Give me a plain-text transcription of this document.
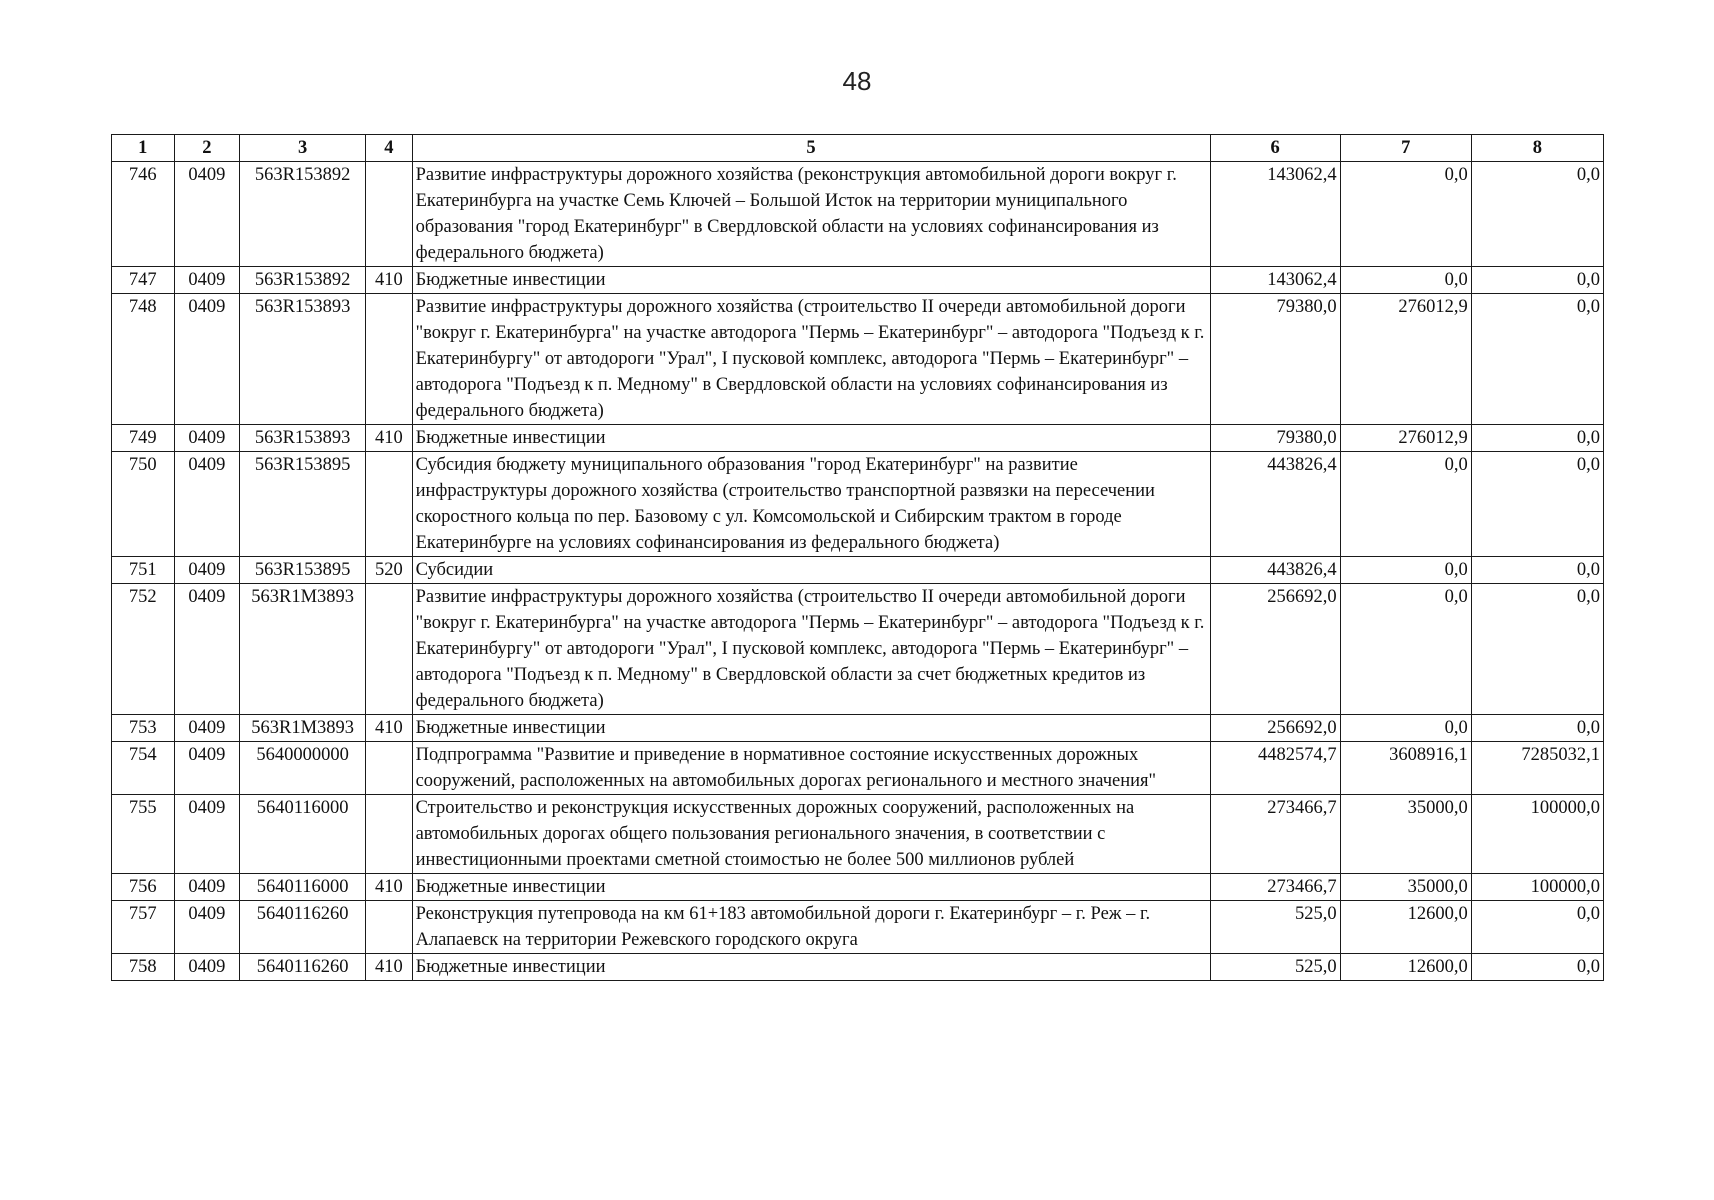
48
1	2	3	4	5	6	7	8
746	0409	563R153892		Развитие инфраструктуры дорожного хозяйства (реконструкция автомобильной дороги вокруг г. Екатеринбурга на участке Семь Ключей – Большой Исток на территории муниципального образования "город Екатеринбург" в Свердловской области на условиях софинансирования из федерального бюджета)	143062,4	0,0	0,0
747	0409	563R153892	410	Бюджетные инвестиции	143062,4	0,0	0,0
748	0409	563R153893		Развитие инфраструктуры дорожного хозяйства (строительство II очереди автомобильной дороги "вокруг г. Екатеринбурга" на участке автодорога "Пермь – Екатеринбург" – автодорога "Подъезд к г. Екатеринбургу" от автодороги "Урал", I пусковой комплекс, автодорога "Пермь – Екатеринбург" – автодорога "Подъезд к п. Медному" в Свердловской области на условиях софинансирования из федерального бюджета)	79380,0	276012,9	0,0
749	0409	563R153893	410	Бюджетные инвестиции	79380,0	276012,9	0,0
750	0409	563R153895		Субсидия бюджету муниципального образования "город Екатеринбург" на развитие инфраструктуры дорожного хозяйства (строительство транспортной развязки на пересечении скоростного кольца по пер. Базовому с ул. Комсомольской и Сибирским трактом в городе Екатеринбурге на условиях софинансирования из федерального бюджета)	443826,4	0,0	0,0
751	0409	563R153895	520	Субсидии	443826,4	0,0	0,0
752	0409	563R1M3893		Развитие инфраструктуры дорожного хозяйства (строительство II очереди автомобильной дороги "вокруг г. Екатеринбурга" на участке автодорога "Пермь – Екатеринбург" – автодорога "Подъезд к г. Екатеринбургу" от автодороги "Урал", I пусковой комплекс, автодорога "Пермь – Екатеринбург" – автодорога "Подъезд к п. Медному" в Свердловской области за счет бюджетных кредитов из федерального бюджета)	256692,0	0,0	0,0
753	0409	563R1M3893	410	Бюджетные инвестиции	256692,0	0,0	0,0
754	0409	5640000000		Подпрограмма "Развитие и приведение в нормативное состояние искусственных дорожных сооружений, расположенных на автомобильных дорогах регионального и местного значения"	4482574,7	3608916,1	7285032,1
755	0409	5640116000		Строительство и реконструкция искусственных дорожных сооружений, расположенных на автомобильных дорогах общего пользования регионального значения, в соответствии с инвестиционными проектами сметной стоимостью не более 500 миллионов рублей	273466,7	35000,0	100000,0
756	0409	5640116000	410	Бюджетные инвестиции	273466,7	35000,0	100000,0
757	0409	5640116260		Реконструкция путепровода на км 61+183 автомобильной дороги г. Екатеринбург – г. Реж – г. Алапаевск на территории Режевского городского округа	525,0	12600,0	0,0
758	0409	5640116260	410	Бюджетные инвестиции	525,0	12600,0	0,0
